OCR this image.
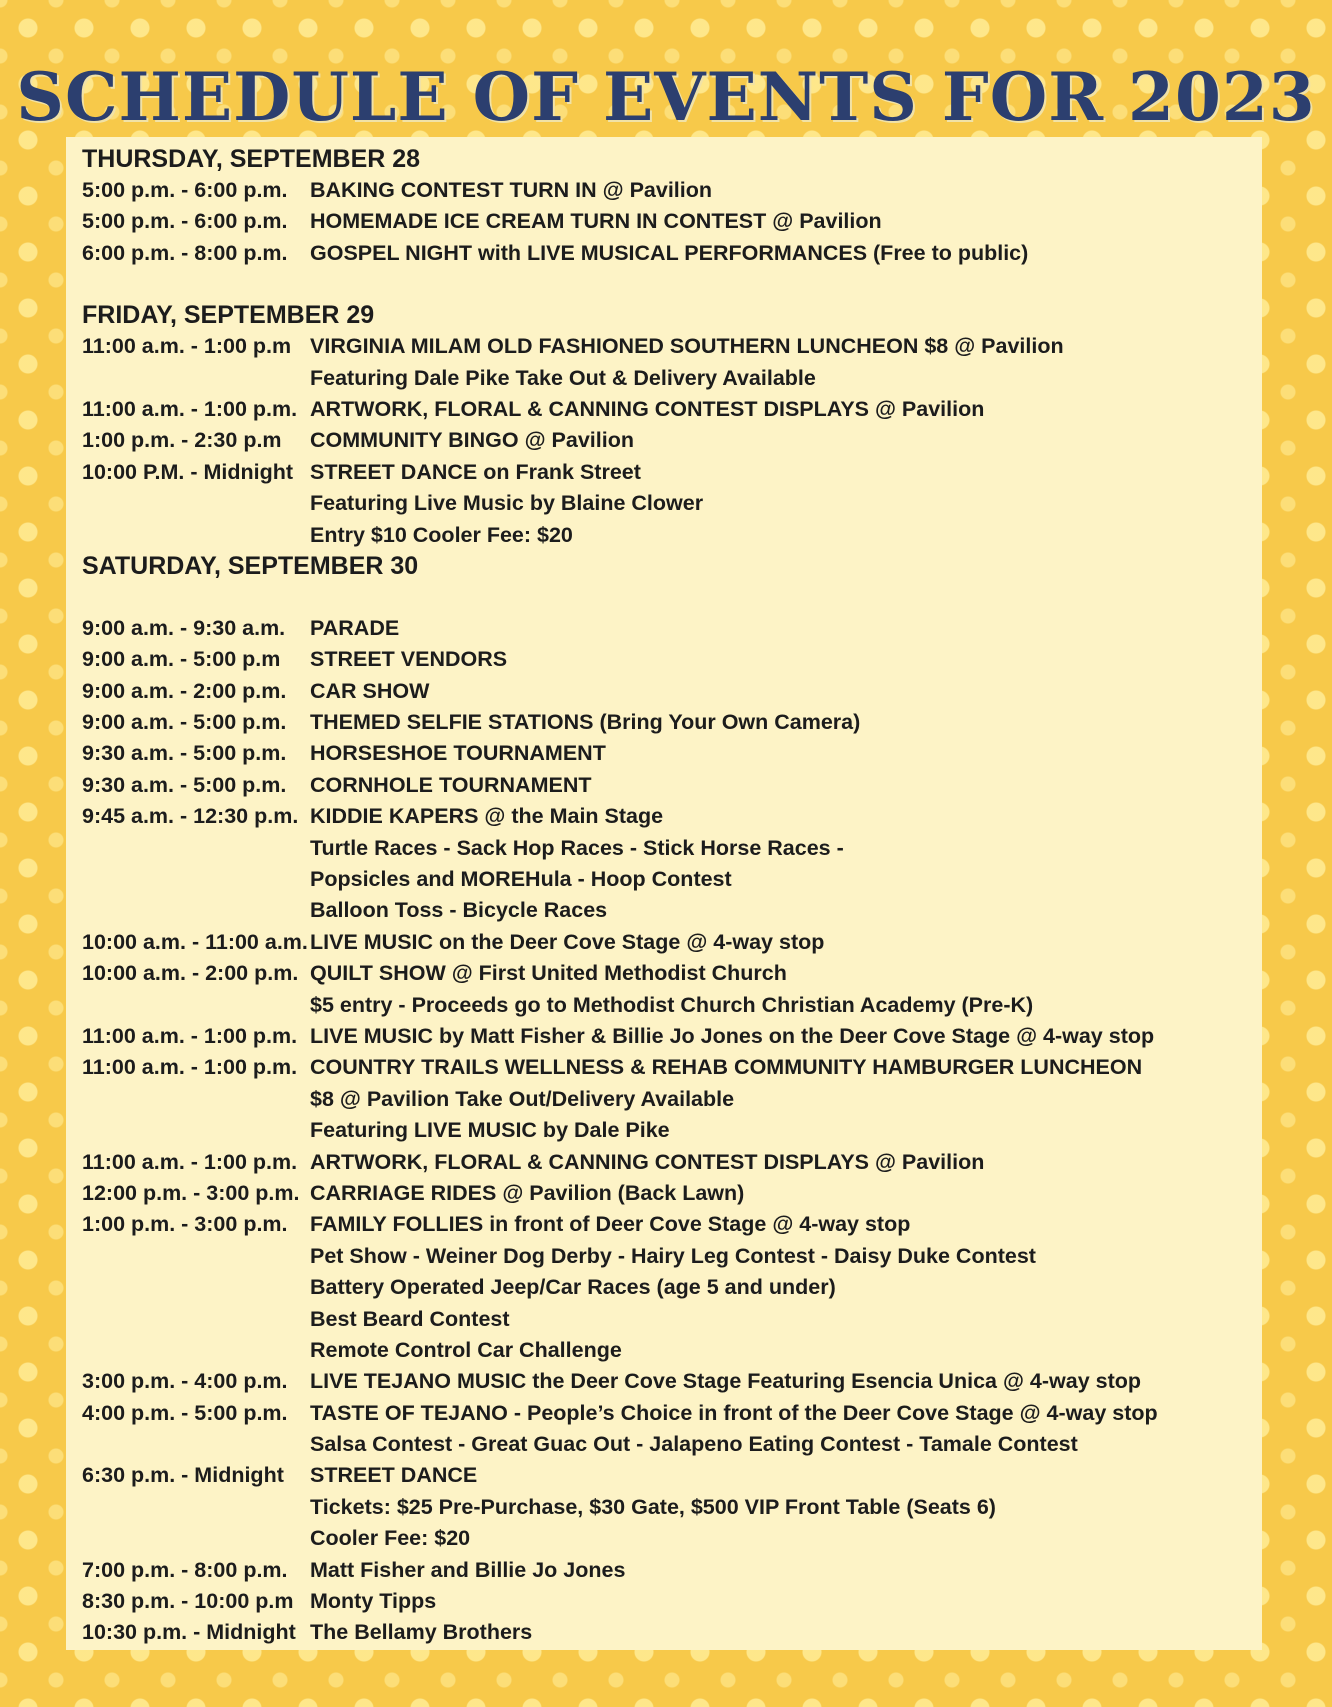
SCHEDULE OF EVENTS FOR 2023
THURSDAY, SEPTEMBER 28
5:00 p.m. - 6:00 p.m.	BAKING CONTEST TURN IN @ Pavilion
5:00 p.m. - 6:00 p.m.	HOMEMADE ICE CREAM TURN IN CONTEST @ Pavilion
6:00 p.m. - 8:00 p.m.	GOSPEL NIGHT with LIVE MUSICAL PERFORMANCES (Free to public)
FRIDAY, SEPTEMBER 29
11:00 a.m. - 1:00 p.m VIRGINIA MILAM OLD FASHIONED SOUTHERN LUNCHEON $8 @ Pavilion
Featuring Dale Pike Take Out & Delivery Available
11:00 a.m. - 1:00 p.m. ARTWORK, FLORAL & CANNING CONTEST DISPLAYS @ Pavilion
1:00 p.m. - 2:30 p.m	COMMUNITY BINGO @ Pavilion
10:00 P.M. - Midnight STREET DANCE on Frank Street
Featuring Live Music by Blaine Clower
Entry $10 Cooler Fee: $20
SATURDAY, SEPTEMBER 30
9:00 a.m. - 9:30 a.m.	PARADE
9:00 a.m. - 5:00 p.m	STREET VENDORS
9:00 a.m. - 2:00 p.m.	CAR SHOW
9:00 a.m. - 5:00 p.m.	THEMED SELFIE STATIONS (Bring Your Own Camera)
9:30 a.m. - 5:00 p.m.	HORSESHOE TOURNAMENT
9:30 a.m. - 5:00 p.m.	CORNHOLE TOURNAMENT
9:45 a.m. - 12:30 p.m. KIDDIE KAPERS @ the Main Stage
Turtle Races - Sack Hop Races - Stick Horse Races -
Popsicles and MOREHula - Hoop Contest
Balloon Toss - Bicycle Races
10:00 a.m. - 11:00 a.m. LIVE MUSIC on the Deer Cove Stage @ 4-way stop
10:00 a.m. - 2:00 p.m. QUILT SHOW @ First United Methodist Church
$5 entry - Proceeds go to Methodist Church Christian Academy (Pre-K)
11:00 a.m. - 1:00 p.m. LIVE MUSIC by Matt Fisher & Billie Jo Jones on the Deer Cove Stage @ 4-way stop
11:00 a.m. - 1:00 p.m. COUNTRY TRAILS WELLNESS & REHAB COMMUNITY HAMBURGER LUNCHEON
$8 @ Pavilion Take Out/Delivery Available
Featuring LIVE MUSIC by Dale Pike
11:00 a.m. - 1:00 p.m. ARTWORK, FLORAL & CANNING CONTEST DISPLAYS @ Pavilion
12:00 p.m. - 3:00 p.m. CARRIAGE RIDES @ Pavilion (Back Lawn)
1:00 p.m. - 3:00 p.m.	FAMILY FOLLIES in front of Deer Cove Stage @ 4-way stop
Pet Show - Weiner Dog Derby - Hairy Leg Contest - Daisy Duke Contest
Battery Operated Jeep/Car Races (age 5 and under)
Best Beard Contest
Remote Control Car Challenge
3:00 p.m. - 4:00 p.m.	LIVE TEJANO MUSIC the Deer Cove Stage Featuring Esencia Unica @ 4-way stop
4:00 p.m. - 5:00 p.m.	TASTE OF TEJANO - People’s Choice in front of the Deer Cove Stage @ 4-way stop
Salsa Contest - Great Guac Out - Jalapeno Eating Contest - Tamale Contest
6:30 p.m. - Midnight	STREET DANCE
Tickets: $25 Pre-Purchase, $30 Gate, $500 VIP Front Table (Seats 6)
Cooler Fee: $20
7:00 p.m. - 8:00 p.m.	Matt Fisher and Billie Jo Jones
8:30 p.m. - 10:00 p.m Monty Tipps
10:30 p.m. - Midnight The Bellamy Brothers
